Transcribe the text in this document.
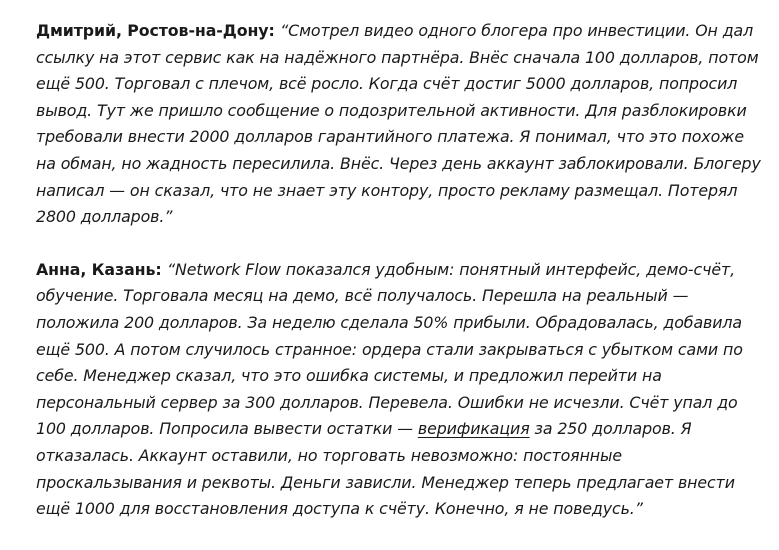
Дмитрий, Ростов-на-Дону: “Смотрел видео одного блогера про инвестиции. Он дал ссылку на этот сервис как на надёжного партнёра. Внёс сначала 100 долларов, потом ещё 500. Торговал с плечом, всё росло. Когда счёт достиг 5000 долларов, попросил вывод. Тут же пришло сообщение о подозрительной активности. Для разблокировки требовали внести 2000 долларов гарантийного платежа. Я понимал, что это похоже на обман, но жадность пересилила. Внёс. Через день аккаунт заблокировали. Блогеру написал — он сказал, что не знает эту контору, просто рекламу размещал. Потерял 2800 долларов.”

Анна, Казань: “Network Flow показался удобным: понятный интерфейс, демо-счёт, обучение. Торговала месяц на демо, всё получалось. Перешла на реальный — положила 200 долларов. За неделю сделала 50% прибыли. Обрадовалась, добавила ещё 500. А потом случилось странное: ордера стали закрываться с убытком сами по себе. Менеджер сказал, что это ошибка системы, и предложил перейти на персональный сервер за 300 долларов. Перевела. Ошибки не исчезли. Счёт упал до 100 долларов. Попросила вывести остатки — верификация за 250 долларов. Я отказалась. Аккаунт оставили, но торговать невозможно: постоянные проскальзывания и реквоты. Деньги зависли. Менеджер теперь предлагает внести ещё 1000 для восстановления доступа к счёту. Конечно, я не поведусь.”
